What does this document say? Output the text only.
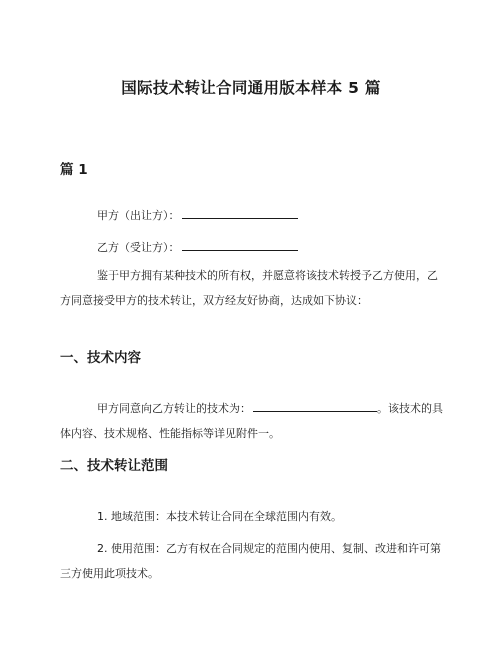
国际技术转让合同通用版本样本 5 篇
篇 1
甲方（出让方）：
乙方（受让方）：

鉴于甲方拥有某种技术的所有权，并愿意将该技术转授予乙方使用，乙方同意接受甲方的技术转让，双方经友好协商，达成如下协议：

一、技术内容

甲方同意向乙方转让的技术为：	。该技术的具体内容、技术规格、性能指标等详见附件一。

二、技术转让范围

1. 地域范围：本技术转让合同在全球范围内有效。

2. 使用范围：乙方有权在合同规定的范围内使用、复制、改进和许可第三方使用此项技术。
